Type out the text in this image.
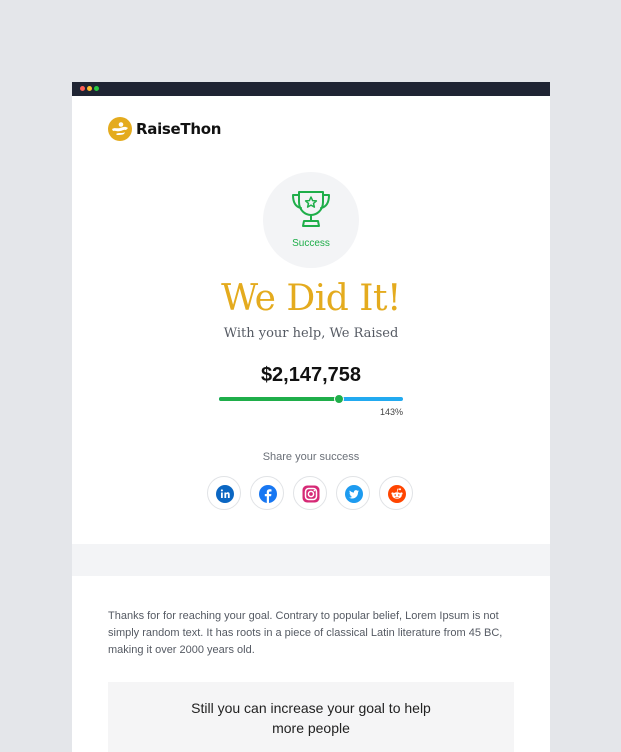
RaiseThon
Success
We Did It!
With your help, We Raised
$2,147,758
143%
Share your success
Thanks for for reaching your goal. Contrary to popular belief, Lorem Ipsum is not simply random text. It has roots in a piece of classical Latin literature from 45 BC, making it over 2000 years old.
Still you can increase your goal to help
more people
